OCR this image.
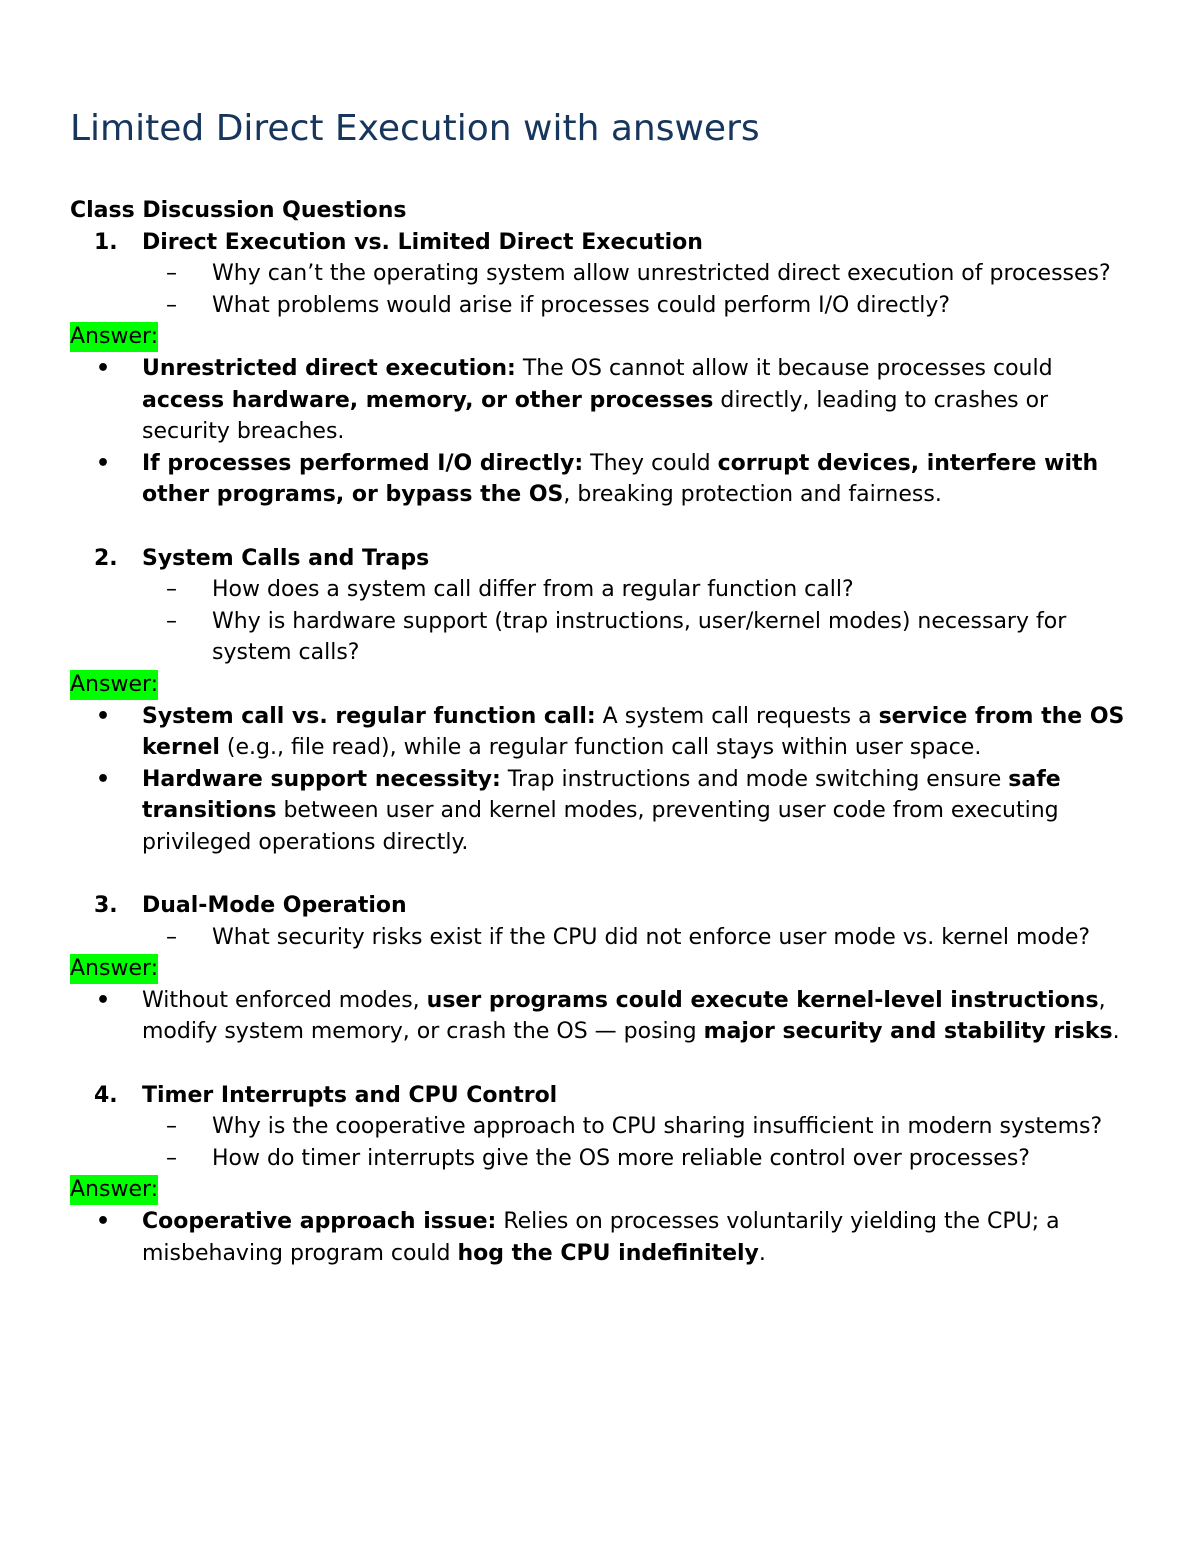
Limited Direct Execution with answers
Class Discussion Questions
1. Direct Execution vs. Limited Direct Execution
– Why can’t the operating system allow unrestricted direct execution of processes?
– What problems would arise if processes could perform I/O directly?
Answer:
• Unrestricted direct execution: The OS cannot allow it because processes could access hardware, memory, or other processes directly, leading to crashes or security breaches.
• If processes performed I/O directly: They could corrupt devices, interfere with other programs, or bypass the OS, breaking protection and fairness.
2. System Calls and Traps
– How does a system call differ from a regular function call?
– Why is hardware support (trap instructions, user/kernel modes) necessary for system calls?
Answer:
• System call vs. regular function call: A system call requests a service from the OS kernel (e.g., file read), while a regular function call stays within user space.
• Hardware support necessity: Trap instructions and mode switching ensure safe transitions between user and kernel modes, preventing user code from executing privileged operations directly.
3. Dual-Mode Operation
– What security risks exist if the CPU did not enforce user mode vs. kernel mode?
Answer:
• Without enforced modes, user programs could execute kernel-level instructions, modify system memory, or crash the OS — posing major security and stability risks.
4. Timer Interrupts and CPU Control
– Why is the cooperative approach to CPU sharing insufficient in modern systems?
– How do timer interrupts give the OS more reliable control over processes?
Answer:
• Cooperative approach issue: Relies on processes voluntarily yielding the CPU; a misbehaving program could hog the CPU indefinitely.
